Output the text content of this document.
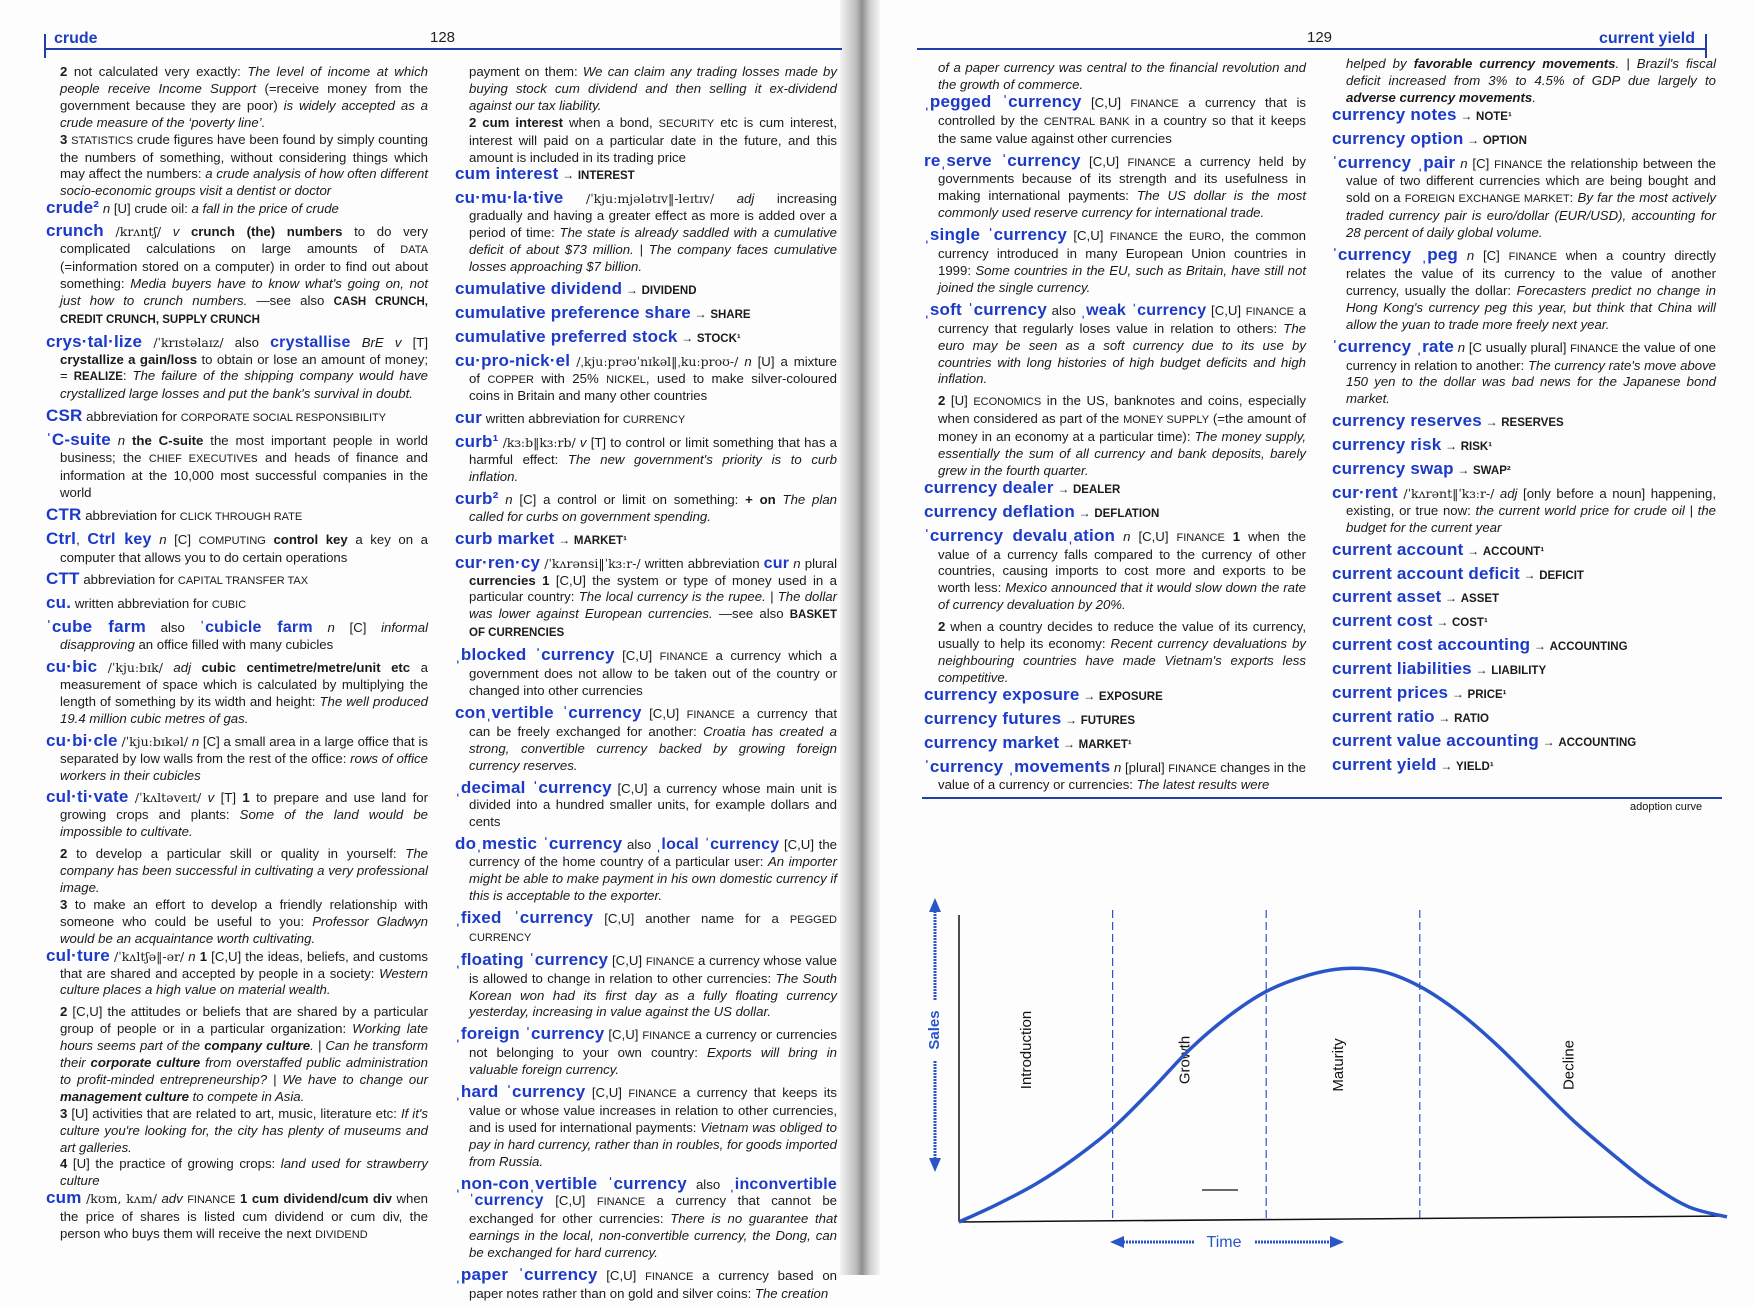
crude	128

2 not calculated very exactly: The level of income at which people receive Income Support (=receive money from the government because they are poor) is widely accepted as a crude measure of the ‘poverty line’.

3 STATISTICS crude figures have been found by simply counting the numbers of something, without considering things which may affect the numbers: a crude analysis of how often different socio-economic groups visit a dentist or doctor

crude² n [U] crude oil: a fall in the price of crude

crunch /krʌntʃ/ v crunch (the) numbers to do very complicated calculations on large amounts of DATA (=information stored on a computer) in order to find out about something: Media buyers have to know what's going on, not just how to crunch numbers. —see also CASH CRUNCH, CREDIT CRUNCH, SUPPLY CRUNCH

crys·tal·lize /ˈkrɪstəlaɪz/ also crystallise BrE v [T] crystallize a gain/loss to obtain or lose an amount of money; = REALIZE: The failure of the shipping company would have crystallized large losses and put the bank's survival in doubt.

CSR abbreviation for CORPORATE SOCIAL RESPONSIBILITY

ˈC-suite n the C-suite the most important people in world business; the CHIEF EXECUTIVEs and heads of finance and information at the 10,000 most successful companies in the world

CTR abbreviation for CLICK THROUGH RATE

Ctrl, Ctrl key n [C] COMPUTING control key a key on a computer that allows you to do certain operations

CTT abbreviation for CAPITAL TRANSFER TAX

cu. written abbreviation for CUBIC

ˈcube farm also ˈcubicle farm n [C] informal disapproving an office filled with many cubicles

cu·bic /ˈkjuːbɪk/ adj cubic centimetre/metre/unit etc a measurement of space which is calculated by multiplying the length of something by its width and height: The well produced 19.4 million cubic metres of gas.

cu·bi·cle /ˈkjuːbɪkəl/ n [C] a small area in a large office that is separated by low walls from the rest of the office: rows of office workers in their cubicles

cul·ti·vate /ˈkʌltəveɪt/ v [T] 1 to prepare and use land for growing crops and plants: Some of the land would be impossible to cultivate.

2 to develop a particular skill or quality in yourself: The company has been successful in cultivating a very professional image.

3 to make an effort to develop a friendly relationship with someone who could be useful to you: Professor Gladwyn would be an acquaintance worth cultivating.

cul·ture /ˈkʌltʃə‖-ər/ n 1 [C,U] the ideas, beliefs, and customs that are shared and accepted by people in a society: Western culture places a high value on material wealth.

2 [C,U] the attitudes or beliefs that are shared by a particular group of people or in a particular organization: Working late hours seems part of the company culture. | Can he transform their corporate culture from overstaffed public administration to profit-minded entrepreneurship? | We have to change our management culture to compete in Asia.

3 [U] activities that are related to art, music, literature etc: If it's culture you're looking for, the city has plenty of museums and art galleries.

4 [U] the practice of growing crops: land used for strawberry culture

cum /kʊm, kʌm/ adv FINANCE 1 cum dividend/cum div when the price of shares is listed cum dividend or cum div, the person who buys them will receive the next DIVIDEND

payment on them: We can claim any trading losses made by buying stock cum dividend and then selling it ex-dividend against our tax liability.

2 cum interest when a bond, SECURITY etc is cum interest, interest will paid on a particular date in the future, and this amount is included in its trading price

cum interest → INTEREST

cu·mu·la·tive /ˈkjuːmjələtɪv‖-leɪtɪv/ adj increasing gradually and having a greater effect as more is added over a period of time: The state is already saddled with a cumulative deficit of about $73 million. | The company faces cumulative losses approaching $7 billion.

cumulative dividend → DIVIDEND

cumulative preference share → SHARE

cumulative preferred stock → STOCK¹

cu·pro-nick·el /ˌkjuːprəʊˈnɪkəl‖ˌkuːproʊ-/ n [U] a mixture of COPPER with 25% NICKEL, used to make silver-coloured coins in Britain and many other countries

cur written abbreviation for CURRENCY

curb¹ /kɜːb‖kɜːrb/ v [T] to control or limit something that has a harmful effect: The new government's priority is to curb inflation.

curb² n [C] a control or limit on something: + on The plan called for curbs on government spending.

curb market → MARKET¹

cur·ren·cy /ˈkʌrənsi‖ˈkɜːr-/ written abbreviation cur n plural currencies 1 [C,U] the system or type of money used in a particular country: The local currency is the rupee. | The dollar was lower against European currencies. —see also BASKET OF CURRENCIES

ˌblocked ˈcurrency [C,U] FINANCE a currency which a government does not allow to be taken out of the country or changed into other currencies

conˌvertible ˈcurrency [C,U] FINANCE a currency that can be freely exchanged for another: Croatia has created a strong, convertible currency backed by growing foreign currency reserves.

ˌdecimal ˈcurrency [C,U] a currency whose main unit is divided into a hundred smaller units, for example dollars and cents

doˌmestic ˈcurrency also ˌlocal ˈcurrency [C,U] the currency of the home country of a particular user: An importer might be able to make payment in his own domestic currency if this is acceptable to the exporter.

ˌfixed ˈcurrency [C,U] another name for a PEGGED CURRENCY

ˌfloating ˈcurrency [C,U] FINANCE a currency whose value is allowed to change in relation to other currencies: The South Korean won had its first day as a fully floating currency yesterday, increasing in value against the US dollar.

ˌforeign ˈcurrency [C,U] FINANCE a currency or currencies not belonging to your own country: Exports will bring in valuable foreign currency.

ˌhard ˈcurrency [C,U] FINANCE a currency that keeps its value or whose value increases in relation to other currencies, and is used for international payments: Vietnam was obliged to pay in hard currency, rather than in roubles, for goods imported from Russia.

ˌnon-conˌvertible ˈcurrency also ˌinconvertible ˈcurrency [C,U] FINANCE a currency that cannot be exchanged for other currencies: There is no guarantee that earnings in the local, non-convertible currency, the Dong, can be exchanged for hard currency.

ˌpaper ˈcurrency [C,U] FINANCE a currency based on paper notes rather than on gold and silver coins: The creation

129	current yield

of a paper currency was central to the financial revolution and the growth of commerce.

ˌpegged ˈcurrency [C,U] FINANCE a currency that is controlled by the CENTRAL BANK in a country so that it keeps the same value against other currencies

reˌserve ˈcurrency [C,U] FINANCE a currency held by governments because of its strength and its usefulness in making international payments: The US dollar is the most commonly used reserve currency for international trade.

ˌsingle ˈcurrency [C,U] FINANCE the EURO, the common currency introduced in many European Union countries in 1999: Some countries in the EU, such as Britain, have still not joined the single currency.

ˌsoft ˈcurrency also ˌweak ˈcurrency [C,U] FINANCE a currency that regularly loses value in relation to others: The euro may be seen as a soft currency due to its use by countries with long histories of high budget deficits and high inflation.

2 [U] ECONOMICS in the US, banknotes and coins, especially when considered as part of the MONEY SUPPLY (=the amount of money in an economy at a particular time): The money supply, essentially the sum of all currency and bank deposits, barely grew in the fourth quarter.

currency dealer → DEALER

currency deflation → DEFLATION

ˈcurrency devaluˌation n [C,U] FINANCE 1 when the value of a currency falls compared to the currency of other countries, causing imports to cost more and exports to be worth less: Mexico announced that it would slow down the rate of currency devaluation by 20%.

2 when a country decides to reduce the value of its currency, usually to help its economy: Recent currency devaluations by neighbouring countries have made Vietnam's exports less competitive.

currency exposure → EXPOSURE

currency futures → FUTURES

currency market → MARKET¹

ˈcurrency ˌmovements n [plural] FINANCE changes in the value of a currency or currencies: The latest results were

helped by favorable currency movements. | Brazil's fiscal deficit increased from 3% to 4.5% of GDP due largely to adverse currency movements.

currency notes → NOTE¹

currency option → OPTION

ˈcurrency ˌpair n [C] FINANCE the relationship between the value of two different currencies which are being bought and sold on a FOREIGN EXCHANGE MARKET: By far the most actively traded currency pair is euro/dollar (EUR/USD), accounting for 28 percent of daily global volume.

ˈcurrency ˌpeg n [C] FINANCE when a country directly relates the value of its currency to the value of another currency, usually the dollar: Forecasters predict no change in Hong Kong's currency peg this year, but think that China will allow the yuan to trade more freely next year.

ˈcurrency ˌrate n [C usually plural] FINANCE the value of one currency in relation to another: The currency rate's move above 150 yen to the dollar was bad news for the Japanese bond market.

currency reserves → RESERVES

currency risk → RISK¹

currency swap → SWAP²

cur·rent /ˈkʌrənt‖ˈkɜːr-/ adj [only before a noun] happening, existing, or true now: the current world price for crude oil | the budget for the current year

current account → ACCOUNT¹

current account deficit → DEFICIT

current asset → ASSET

current cost → COST¹

current cost accounting → ACCOUNTING

current liabilities → LIABILITY

current prices → PRICE¹

current ratio → RATIO

current value accounting → ACCOUNTING

current yield → YIELD¹

adoption curve
Introduction	Growth	Maturity	Decline
Sales
Time
